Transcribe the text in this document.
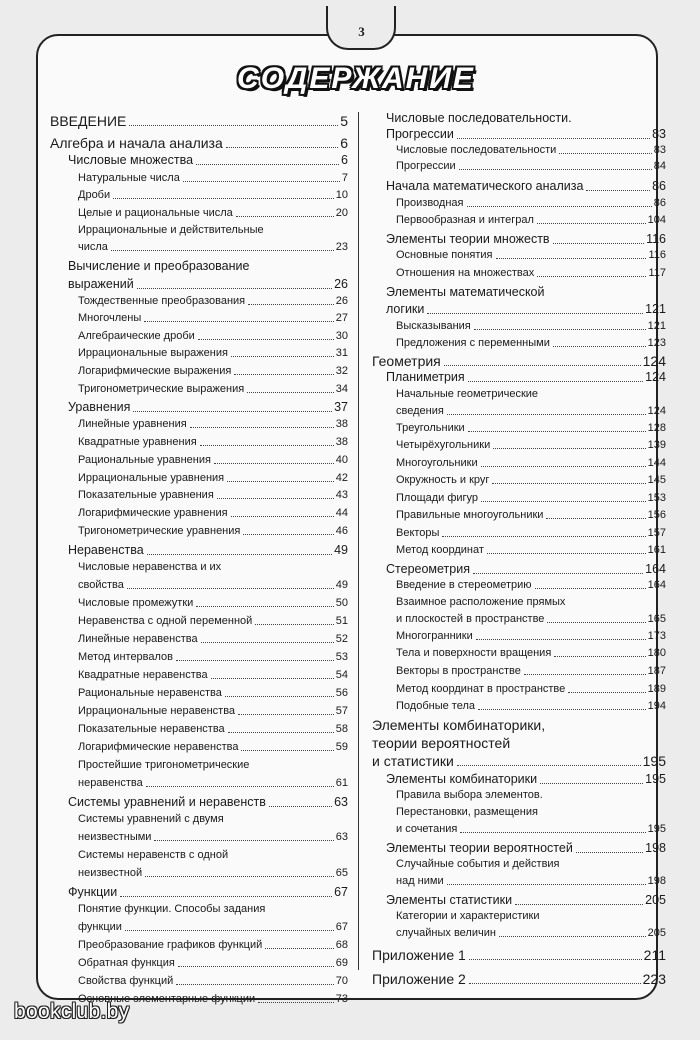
3
СОДЕРЖАНИЕ
ВВЕДЕНИЕ	5
Алгебра и начала анализа	6
Числовые множества	6
Натуральные числа	7
Дроби	10
Целые и рациональные числа	20
Иррациональные и действительные
числа	23
Вычисление и преобразование
выражений	26
Тождественные преобразования	26
Многочлены	27
Алгебраические дроби	30
Иррациональные выражения	31
Логарифмические выражения	32
Тригонометрические выражения	34
Уравнения	37
Линейные уравнения	38
Квадратные уравнения	38
Рациональные уравнения	40
Иррациональные уравнения	42
Показательные уравнения	43
Логарифмические уравнения	44
Тригонометрические уравнения	46
Неравенства	49
Числовые неравенства и их
свойства	49
Числовые промежутки	50
Неравенства с одной переменной	51
Линейные неравенства	52
Метод интервалов	53
Квадратные неравенства	54
Рациональные неравенства	56
Иррациональные неравенства	57
Показательные неравенства	58
Логарифмические неравенства	59
Простейшие тригонометрические
неравенства	61
Системы уравнений и неравенств	63
Системы уравнений с двумя
неизвестными	63
Системы неравенств с одной
неизвестной	65
Функции	67
Понятие функции. Способы задания
функции	67
Преобразование графиков функций	68
Обратная функция	69
Свойства функций	70
Основные элементарные функции	73
Числовые последовательности.
Прогрессии	83
Числовые последовательности	83
Прогрессии	84
Начала математического анализа	86
Производная	86
Первообразная и интеграл	104
Элементы теории множеств	116
Основные понятия	116
Отношения на множествах	117
Элементы математической
логики	121
Высказывания	121
Предложения с переменными	123
Геометрия	124
Планиметрия	124
Начальные геометрические
сведения	124
Треугольники	128
Четырёхугольники	139
Многоугольники	144
Окружность и круг	145
Площади фигур	153
Правильные многоугольники	156
Векторы	157
Метод координат	161
Стереометрия	164
Введение в стереометрию	164
Взаимное расположение прямых
и плоскостей в пространстве	165
Многогранники	173
Тела и поверхности вращения	180
Векторы в пространстве	187
Метод координат в пространстве	189
Подобные тела	194
Элементы комбинаторики,
теории вероятностей
и статистики	195
Элементы комбинаторики	195
Правила выбора элементов.
Перестановки, размещения
и сочетания	195
Элементы теории вероятностей	198
Случайные события и действия
над ними	198
Элементы статистики	205
Категории и характеристики
случайных величин	205
Приложение 1	211
Приложение 2	223
bookclub.by
